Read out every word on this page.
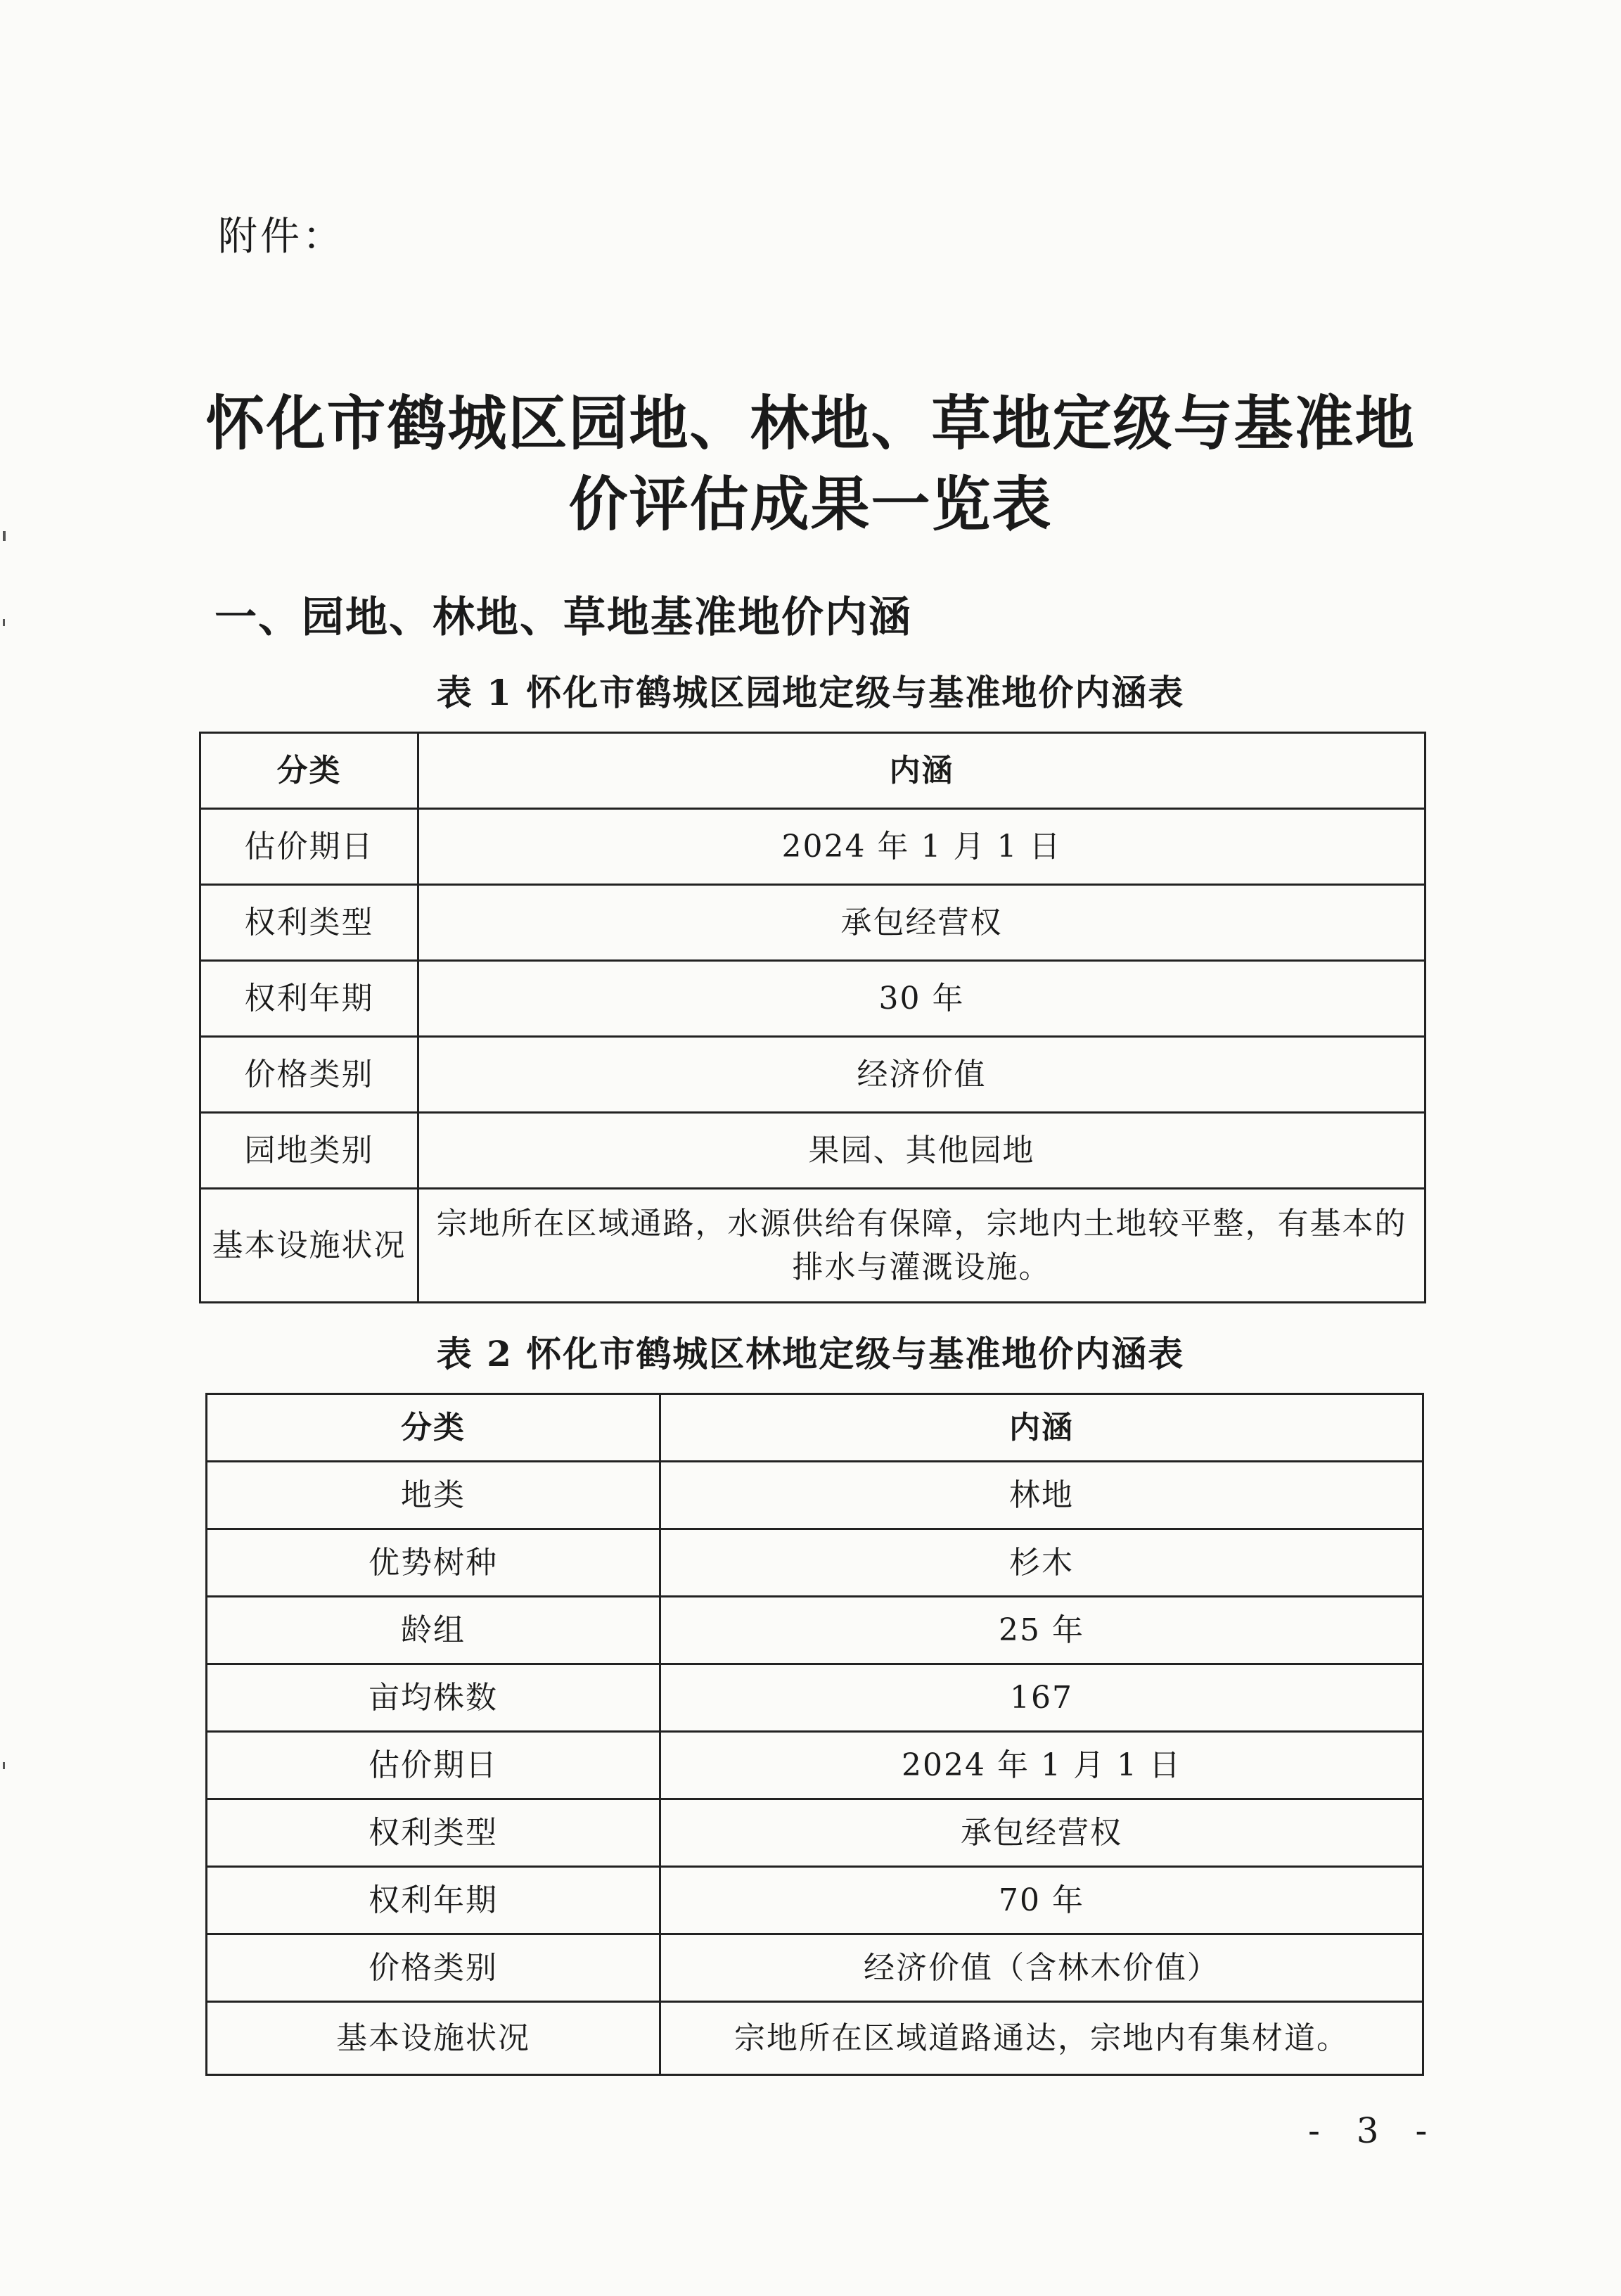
附件：
怀化市鹤城区园地、林地、草地定级与基准地
价评估成果一览表
一、园地、林地、草地基准地价内涵
表 1 怀化市鹤城区园地定级与基准地价内涵表
分类	内涵
估价期日	2024 年 1 月 1 日
权利类型	承包经营权
权利年期	30 年
价格类别	经济价值
园地类别	果园、其他园地
基本设施状况	宗地所在区域通路，水源供给有保障，宗地内土地较平整，有基本的排水与灌溉设施。
表 2 怀化市鹤城区林地定级与基准地价内涵表
分类	内涵
地类	林地
优势树种	杉木
龄组	25 年
亩均株数	167
估价期日	2024 年 1 月 1 日
权利类型	承包经营权
权利年期	70 年
价格类别	经济价值（含林木价值）
基本设施状况	宗地所在区域道路通达，宗地内有集材道。
- 3 -
